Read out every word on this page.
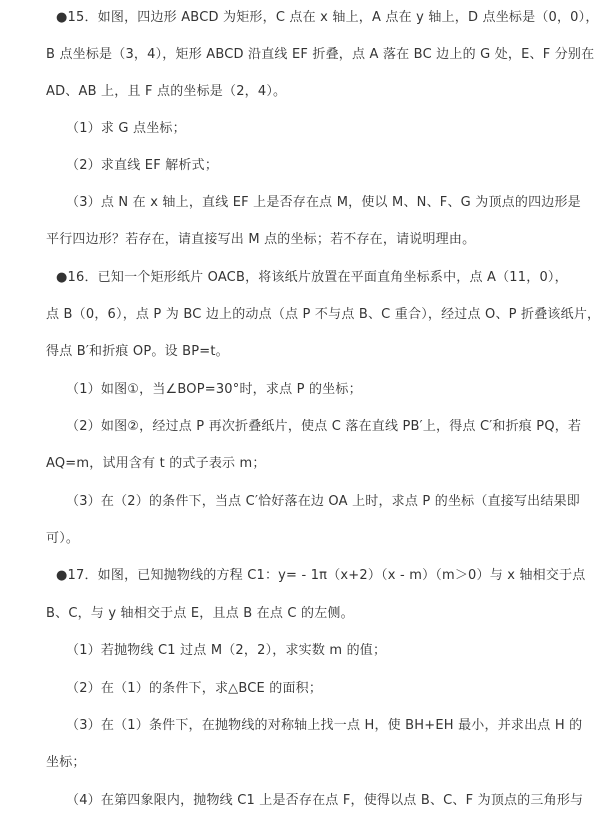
●15．如图，四边形 ABCD 为矩形，C 点在 x 轴上，A 点在 y 轴上，D 点坐标是（0，0），
B 点坐标是（3，4），矩形 ABCD 沿直线 EF 折叠，点 A 落在 BC 边上的 G 处，E、F 分别在
AD、AB 上，且 F 点的坐标是（2，4）。
（1）求 G 点坐标；
（2）求直线 EF 解析式；
（3）点 N 在 x 轴上，直线 EF 上是否存在点 M，使以 M、N、F、G 为顶点的四边形是
平行四边形？若存在，请直接写出 M 点的坐标；若不存在，请说明理由。
●16．已知一个矩形纸片 OACB，将该纸片放置在平面直角坐标系中，点 A（11，0），
点 B（0，6），点 P 为 BC 边上的动点（点 P 不与点 B、C 重合），经过点 O、P 折叠该纸片，
得点 B′和折痕 OP。设 BP=t。
（1）如图①，当∠BOP=30°时，求点 P 的坐标；
（2）如图②，经过点 P 再次折叠纸片，使点 C 落在直线 PB′上，得点 C′和折痕 PQ，若
AQ=m，试用含有 t 的式子表示 m；
（3）在（2）的条件下，当点 C′恰好落在边 OA 上时，求点 P 的坐标（直接写出结果即
可）。
●17．如图，已知抛物线的方程 C1：y= - 1π（x+2）（x - m）（m＞0）与 x 轴相交于点
B、C，与 y 轴相交于点 E，且点 B 在点 C 的左侧。
（1）若抛物线 C1 过点 M（2，2），求实数 m 的值；
（2）在（1）的条件下，求△BCE 的面积；
（3）在（1）条件下，在抛物线的对称轴上找一点 H，使 BH+EH 最小，并求出点 H 的
坐标；
（4）在第四象限内，抛物线 C1 上是否存在点 F，使得以点 B、C、F 为顶点的三角形与
